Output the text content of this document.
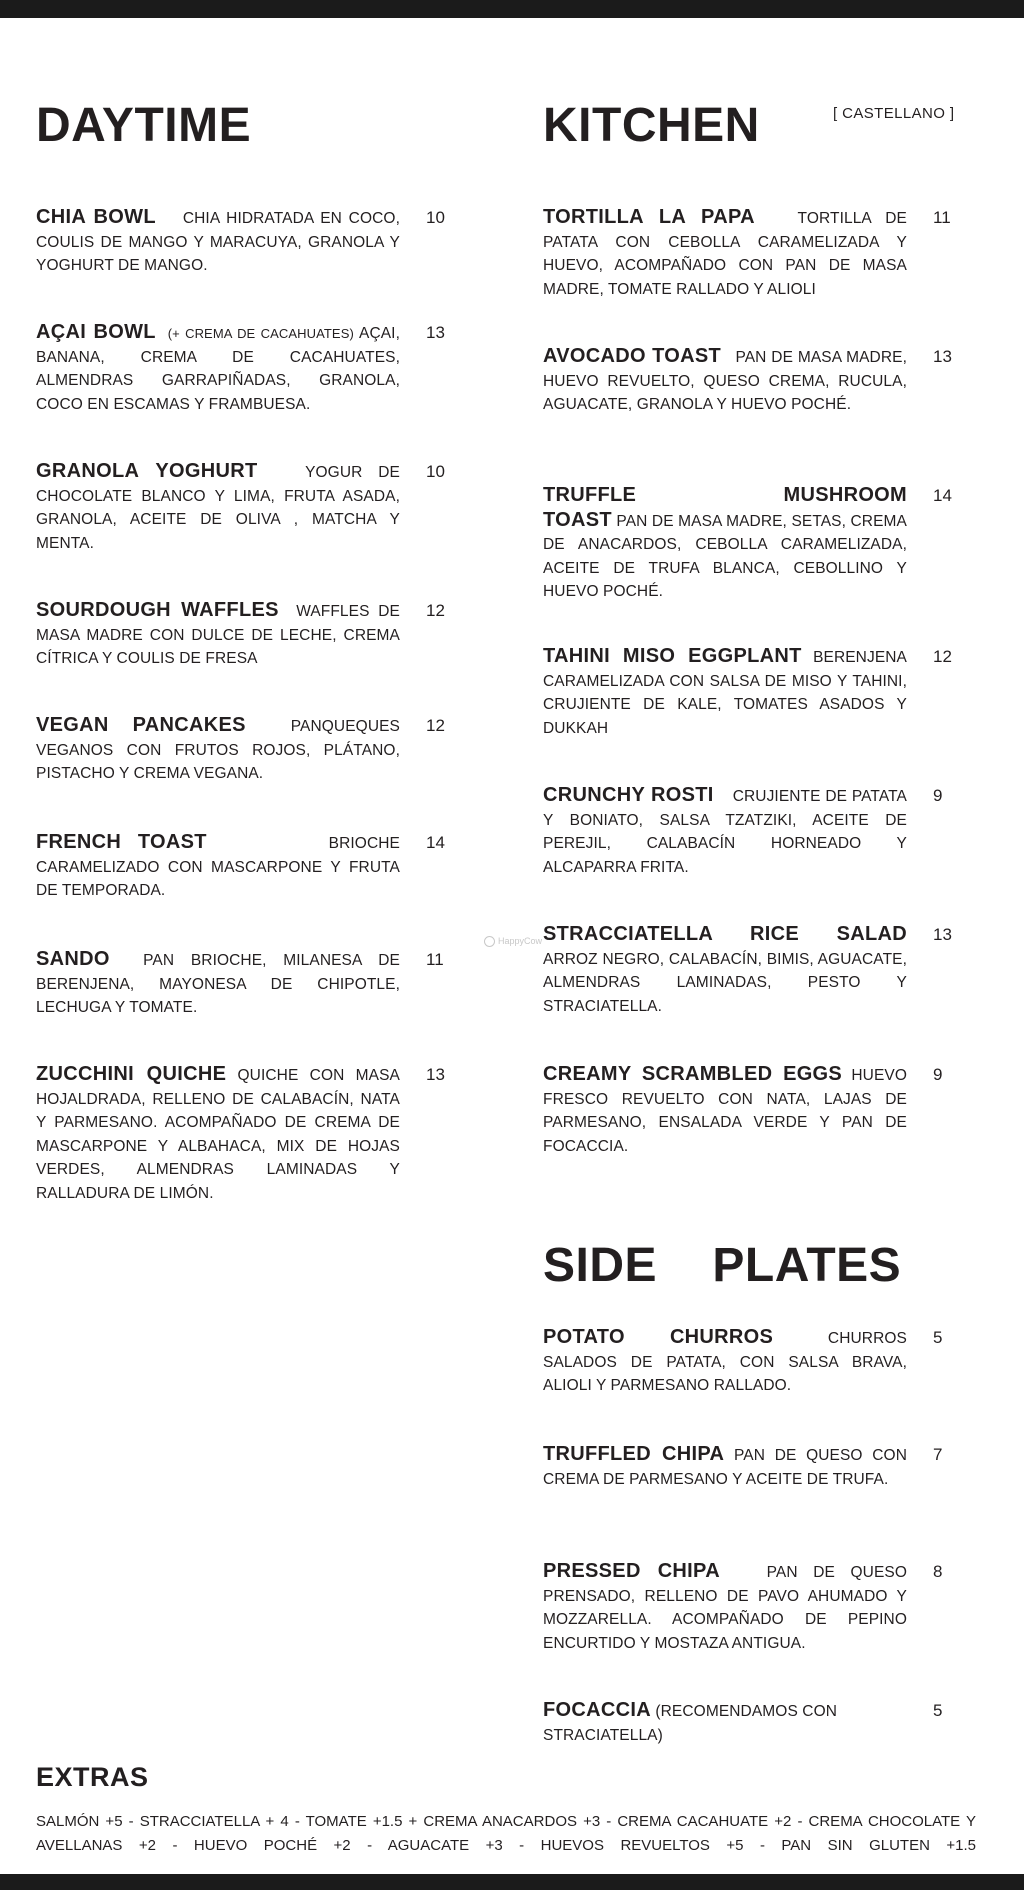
DAYTIME	KITCHEN	[ CASTELLANO ]
CHIA BOWL CHIA HIDRATADA EN COCO, COULIS DE MANGO Y MARACUYA, GRANOLA Y YOGHURT DE MANGO.
10
AÇAI BOWL (+ CREMA DE CACAHUATES) AÇAI, BANANA, CREMA DE CACAHUATES, ALMENDRAS GARRAPIÑADAS, GRANOLA, COCO EN ESCAMAS Y FRAMBUESA.
13
GRANOLA YOGHURT	YOGUR DE CHOCOLATE BLANCO Y LIMA, FRUTA ASADA, GRANOLA, ACEITE DE OLIVA , MATCHA Y MENTA.
10
SOURDOUGH WAFFLES WAFFLES DE MASA MADRE CON DULCE DE LECHE, CREMA CÍTRICA Y COULIS DE FRESA
12
VEGAN PANCAKES	PANQUEQUES VEGANOS CON FRUTOS ROJOS, PLÁTANO, PISTACHO Y CREMA VEGANA.
12
FRENCH TOAST	BRIOCHE CARAMELIZADO CON MASCARPONE Y FRUTA DE TEMPORADA.
14
SANDO PAN BRIOCHE, MILANESA DE BERENJENA, MAYONESA DE CHIPOTLE, LECHUGA Y TOMATE.
11
ZUCCHINI QUICHE QUICHE CON MASA HOJALDRADA, RELLENO DE CALABACÍN, NATA Y PARMESANO. ACOMPAÑADO DE CREMA DE MASCARPONE Y ALBAHACA, MIX DE HOJAS VERDES, ALMENDRAS LAMINADAS Y RALLADURA DE LIMÓN.
13
TORTILLA LA PAPA	TORTILLA DE PATATA CON CEBOLLA CARAMELIZADA Y HUEVO, ACOMPAÑADO CON PAN DE MASA MADRE, TOMATE RALLADO Y ALIOLI
11
AVOCADO TOAST PAN DE MASA MADRE, HUEVO REVUELTO, QUESO CREMA, RUCULA, AGUACATE, GRANOLA Y HUEVO POCHÉ.
13
TRUFFLE MUSHROOM TOAST PAN DE MASA MADRE, SETAS, CREMA DE ANACARDOS, CEBOLLA CARAMELIZADA, ACEITE DE TRUFA BLANCA, CEBOLLINO Y HUEVO POCHÉ.
14
TAHINI MISO EGGPLANT BERENJENA CARAMELIZADA CON SALSA DE MISO Y TAHINI, CRUJIENTE DE KALE, TOMATES ASADOS Y DUKKAH
12
CRUNCHY ROSTI CRUJIENTE DE PATATA Y BONIATO, SALSA TZATZIKI, ACEITE DE PEREJIL, CALABACÍN HORNEADO Y ALCAPARRA FRITA.
9
STRACCIATELLA RICE SALAD ARROZ NEGRO, CALABACÍN, BIMIS, AGUACATE, ALMENDRAS LAMINADAS, PESTO Y STRACIATELLA.
13
CREAMY SCRAMBLED EGGS HUEVO FRESCO REVUELTO CON NATA, LAJAS DE PARMESANO, ENSALADA VERDE Y PAN DE FOCACCIA.
9
SIDE    PLATES
POTATO CHURROS	CHURROS SALADOS DE PATATA, CON SALSA BRAVA, ALIOLI Y PARMESANO RALLADO.
5
TRUFFLED CHIPA PAN DE QUESO CON CREMA DE PARMESANO Y ACEITE DE TRUFA.
7
PRESSED CHIPA	PAN DE QUESO PRENSADO, RELLENO DE PAVO AHUMADO Y MOZZARELLA. ACOMPAÑADO DE PEPINO ENCURTIDO Y MOSTAZA ANTIGUA.
8
FOCACCIA (RECOMENDAMOS CON STRACIATELLA)
5
EXTRAS
SALMÓN +5 - STRACCIATELLA + 4 - TOMATE +1.5 + CREMA ANACARDOS +3 - CREMA CACAHUATE +2 - CREMA CHOCOLATE Y
AVELLANAS +2 - HUEVO POCHÉ +2 - AGUACATE +3 - HUEVOS REVUELTOS +5 - PAN SIN GLUTEN +1.5
HappyCow
